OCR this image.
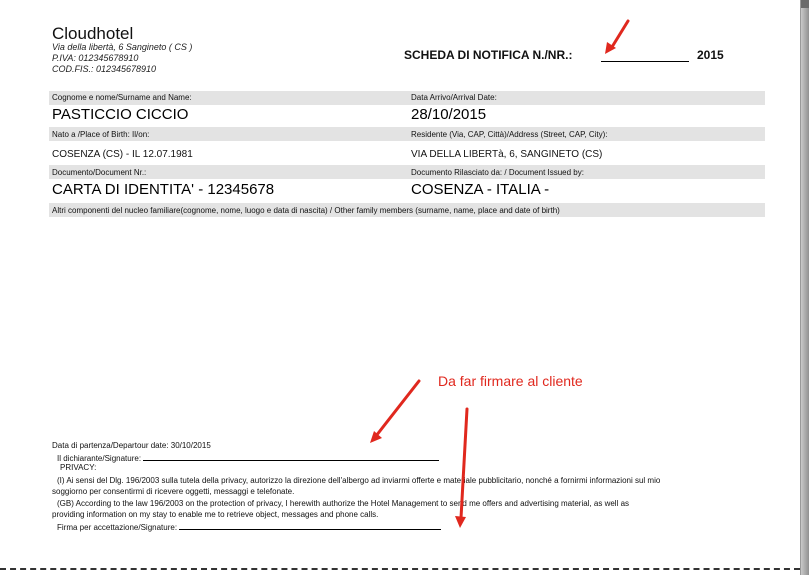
Cloudhotel
Via della libertà, 6 Sangineto ( CS )
P.IVA: 012345678910
COD.FIS.: 012345678910
SCHEDA DI NOTIFICA N./NR.:	2015
Cognome e nome/Surname and Name:	Data Arrivo/Arrival Date:
PASTICCIO CICCIO	28/10/2015
Nato a /Place of Birth: Il/on:	Residente (Via, CAP, Città)/Address (Street, CAP, City):
COSENZA (CS) - IL 12.07.1981	VIA DELLA LIBERTà, 6, SANGINETO (CS)
Documento/Document Nr.:	Documento Rilasciato da: / Document Issued by:
CARTA DI IDENTITA' - 12345678	COSENZA - ITALIA -
Altri componenti del nucleo familiare(cognome, nome, luogo e data di nascita) / Other family members (surname, name, place and date of birth)
Da far firmare al cliente
Data di partenza/Departour date: 30/10/2015
Il dichiarante/Signature:
PRIVACY:
(I) Ai sensi del Dlg. 196/2003 sulla tutela della privacy, autorizzo la direzione dell'albergo ad inviarmi offerte e materiale pubblicitario, nonché a fornirmi informazioni sul mio
soggiorno per consentirmi di ricevere oggetti, messaggi e telefonate.
(GB) According to the law 196/2003 on the protection of privacy, I herewith authorize the Hotel Management to send me offers and advertising material, as well as
providing information on my stay to enable me to retrieve object, messages and phone calls.
Firma per accettazione/Signature:
